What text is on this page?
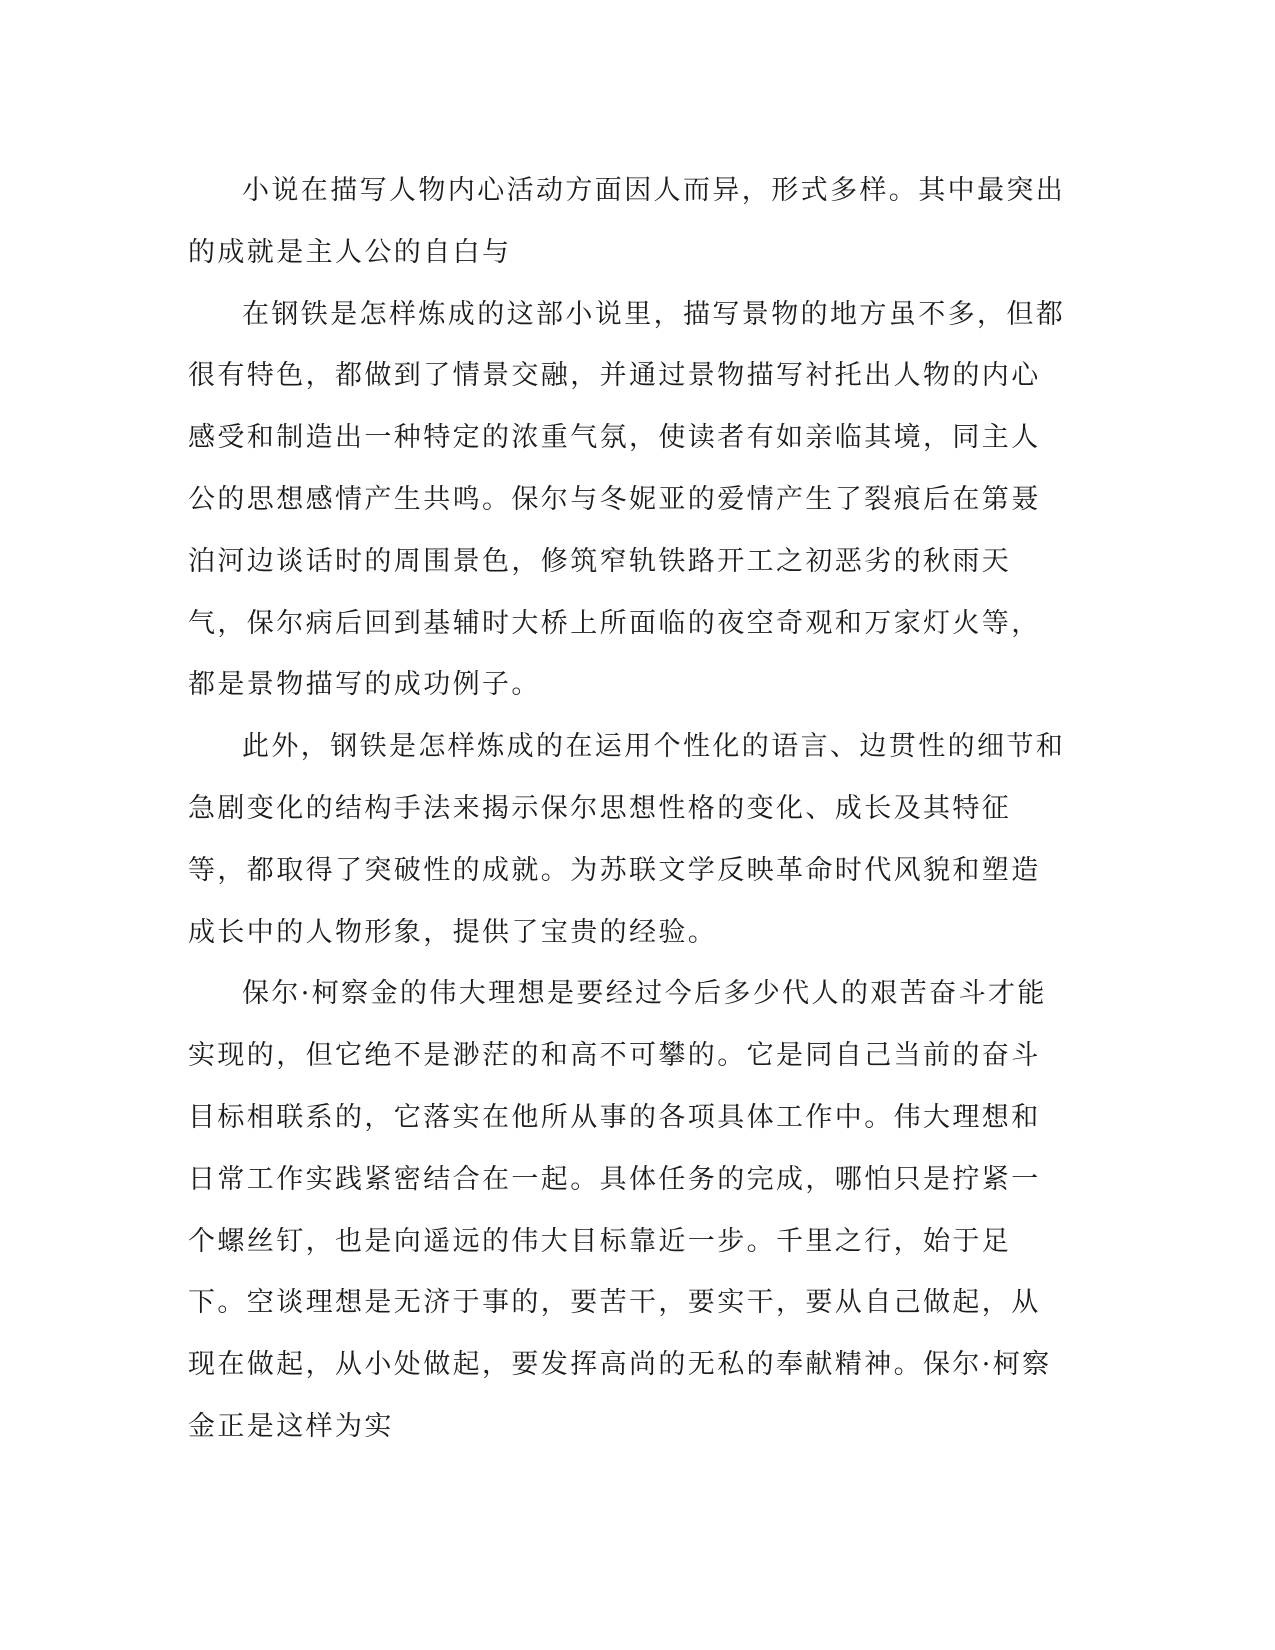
小说在描写人物内心活动方面因人而异，形式多样。其中最突出的成就是主人公的自白与

在钢铁是怎样炼成的这部小说里，描写景物的地方虽不多，但都很有特色，都做到了情景交融，并通过景物描写衬托出人物的内心感受和制造出一种特定的浓重气氛，使读者有如亲临其境，同主人公的思想感情产生共鸣。保尔与冬妮亚的爱情产生了裂痕后在第聂泊河边谈话时的周围景色，修筑窄轨铁路开工之初恶劣的秋雨天气，保尔病后回到基辅时大桥上所面临的夜空奇观和万家灯火等，都是景物描写的成功例子。

此外，钢铁是怎样炼成的在运用个性化的语言、边贯性的细节和急剧变化的结构手法来揭示保尔思想性格的变化、成长及其特征等，都取得了突破性的成就。为苏联文学反映革命时代风貌和塑造成长中的人物形象，提供了宝贵的经验。

保尔·柯察金的伟大理想是要经过今后多少代人的艰苦奋斗才能实现的，但它绝不是渺茫的和高不可攀的。它是同自己当前的奋斗目标相联系的，它落实在他所从事的各项具体工作中。伟大理想和日常工作实践紧密结合在一起。具体任务的完成，哪怕只是拧紧一个螺丝钉，也是向遥远的伟大目标靠近一步。千里之行，始于足下。空谈理想是无济于事的，要苦干，要实干，要从自己做起，从现在做起，从小处做起，要发挥高尚的无私的奉献精神。保尔·柯察金正是这样为实
